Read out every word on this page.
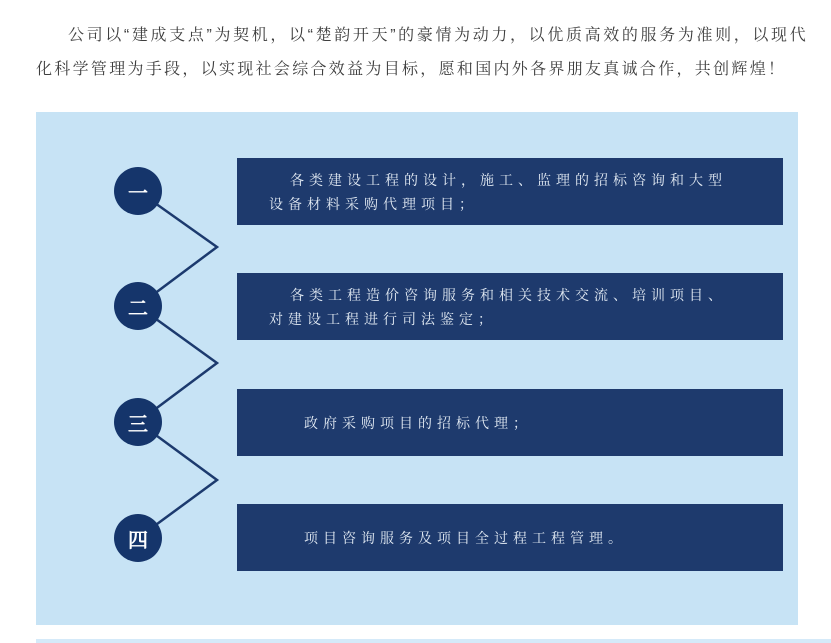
公司以“建成支点”为契机，以“楚韵开天”的豪情为动力，以优质高效的服务为准则，以现代化科学管理为手段，以实现社会综合效益为目标，愿和国内外各界朋友真诚合作，共创辉煌！

一
各类建设工程的设计，施工、监理的招标咨询和大型设备材料采购代理项目；
二
各类工程造价咨询服务和相关技术交流、培训项目、对建设工程进行司法鉴定；
三	政府采购项目的招标代理；
四	项目咨询服务及项目全过程工程管理。
